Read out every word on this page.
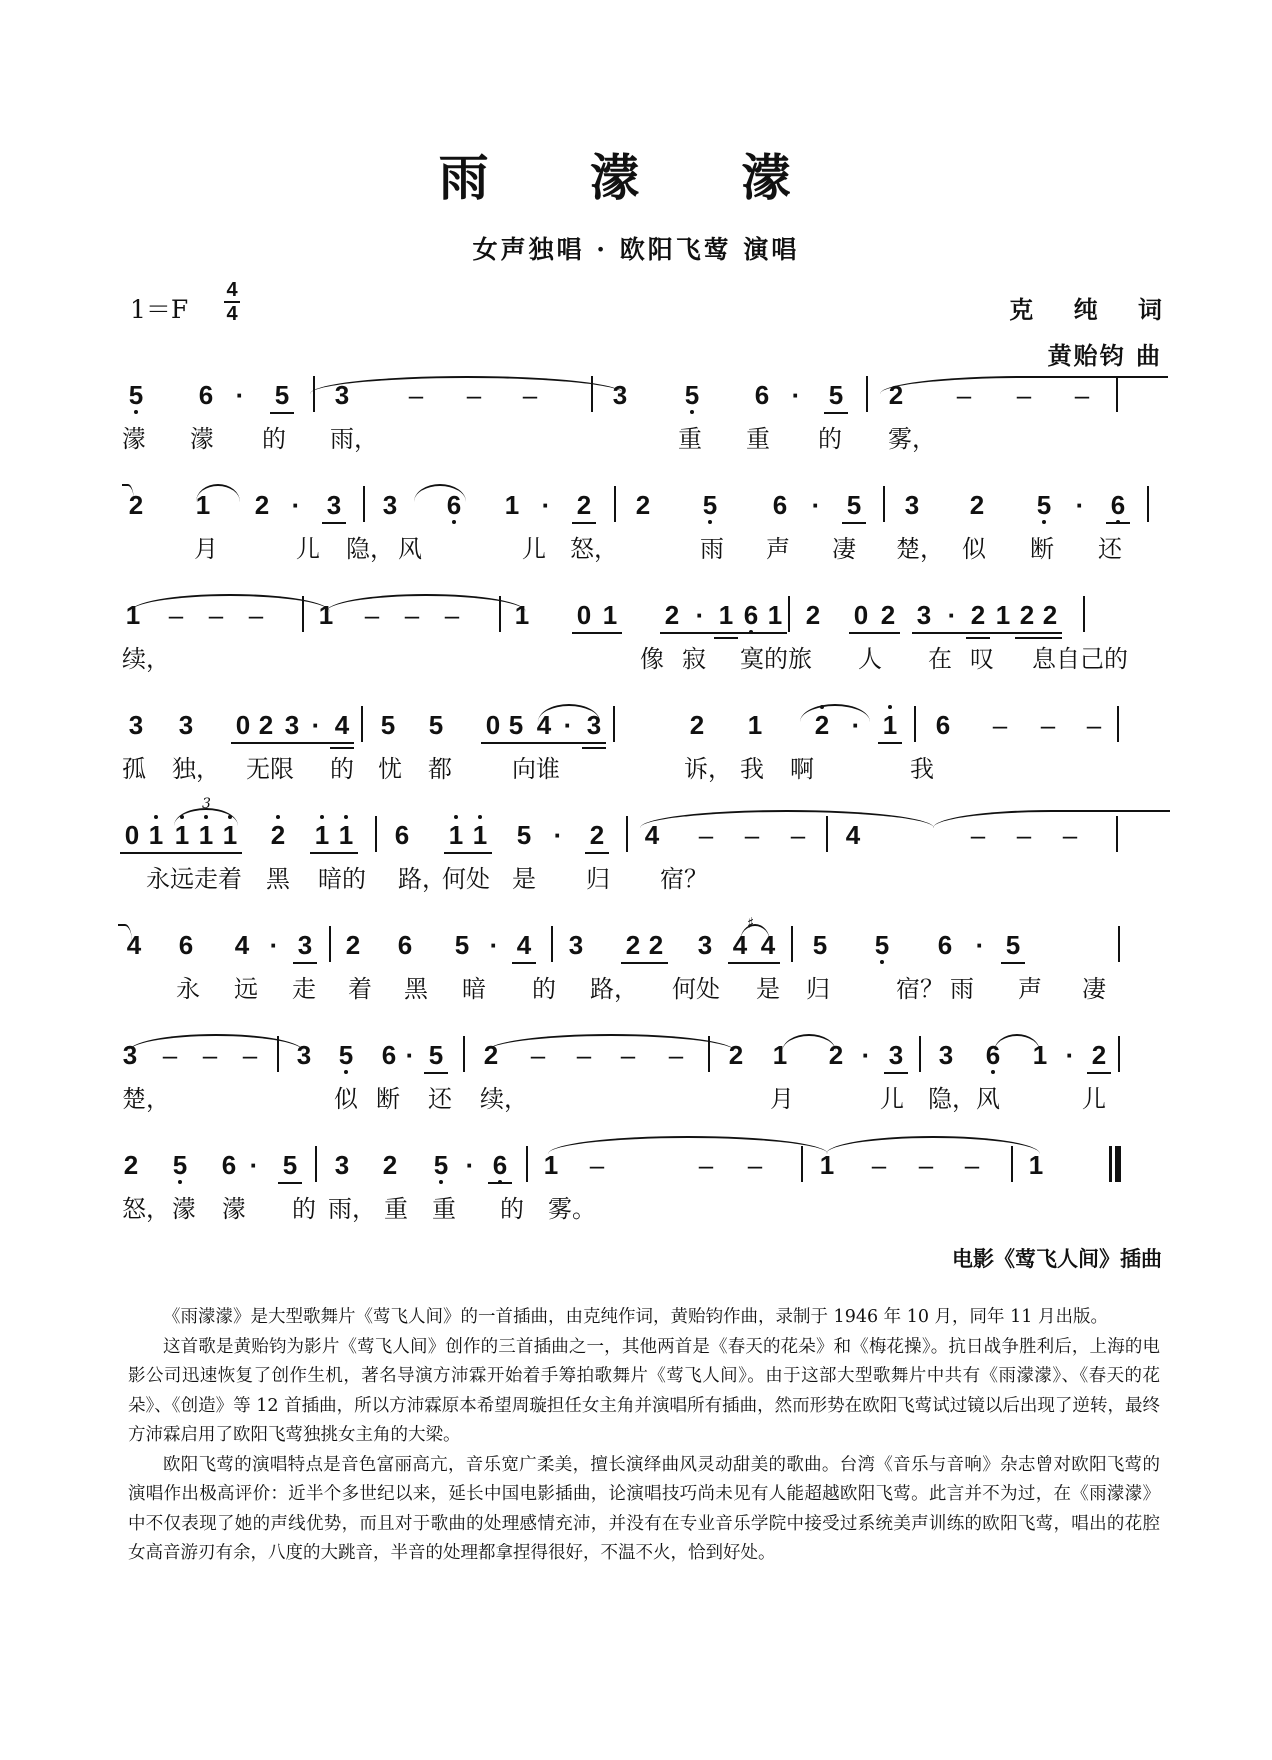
雨 濛 濛
女声独唱 · 欧阳飞莺 演唱
1＝F
4
4	克 纯 词
黄贻钧 曲
5 6 ·	5 3 – – –	3 5 6 ·	5 2 – – –
濛 濛 的 雨，	重 重 的 雾，
2 1 2 ·	3 3 6 1 ·	2 2 5 6 ·	5 3 2 5 ·	6
月	儿 隐， 风	儿 怒，	雨 声 凄 楚， 似 断 还
1 – – – 1 – – – 1 0 1 2 · 1 6 1 2 0 2 3 · 2 1 2 2
续，	像 寂 寞的旅 人 在 叹 息自己的
3 3 0 2 3 · 4 5 5 0 5 4 · 3	2 1 2 · 1 6 – – –
孤 独， 无限 的 忧 都	向谁	诉， 我 啊	我
0 1 1 1 1 2 1 1 6 1 1 5 ·	2 4 – – – 4	– – –
3
永远走着 黑 暗的 路，
何处 是 归 宿？
4 6 4 · 3 2 6 5 · 4 3 2 2 3 4 4 5 5 6 · 5
♯
永 远 走 着 黑 暗 的 路， 何处 是 归	宿？ 雨 声 凄
3 – – – 3 5 6 · 5 2 – – – – 2 1 2 · 3 3 6 1 · 2
楚，	似 断 还 续，	月	儿 隐， 风	儿
2 5 6 · 5 3 2 5 · 6 1 –	– – 1 – – – 1
怒， 濛 濛 的 雨， 重 重 的 雾。
电影《莺飞人间》插曲

《雨濛濛》是大型歌舞片《莺飞人间》的一首插曲，由克纯作词，黄贻钧作曲，录制于 1946 年 10 月，同年 11 月出版。

这首歌是黄贻钧为影片《莺飞人间》创作的三首插曲之一，其他两首是《春天的花朵》和《梅花操》。抗日战争胜利后，上海的电影公司迅速恢复了创作生机，著名导演方沛霖开始着手筹拍歌舞片《莺飞人间》。由于这部大型歌舞片中共有《雨濛濛》、《春天的花朵》、《创造》等 12 首插曲，所以方沛霖原本希望周璇担任女主角并演唱所有插曲，然而形势在欧阳飞莺试过镜以后出现了逆转，最终方沛霖启用了欧阳飞莺独挑女主角的大梁。

欧阳飞莺的演唱特点是音色富丽高亢，音乐宽广柔美，擅长演绎曲风灵动甜美的歌曲。台湾《音乐与音响》杂志曾对欧阳飞莺的演唱作出极高评价：近半个多世纪以来，延长中国电影插曲，论演唱技巧尚未见有人能超越欧阳飞莺。此言并不为过，在《雨濛濛》中不仅表现了她的声线优势，而且对于歌曲的处理感情充沛，并没有在专业音乐学院中接受过系统美声训练的欧阳飞莺，唱出的花腔女高音游刃有余，八度的大跳音，半音的处理都拿捏得很好，不温不火，恰到好处。
